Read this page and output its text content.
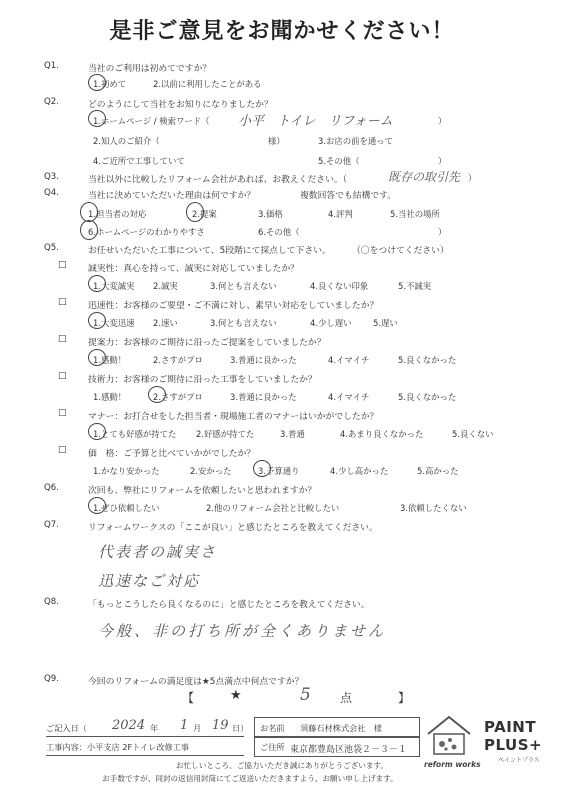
是非ご意見をお聞かせください！
Q1.	当社のご利用は初めてですか？
1.初めて	2.以前に利用したことがある
Q2.	どのようにして当社をお知りになりましたか？
1.ホームページ / 検索ワード（ 小平　トイレ　リフォーム	）
2.知人のご紹介（	様）	3.お店の前を通って
4.ご近所で工事していて	5.その他（	）
Q3.	当社以外に比較したリフォーム会社があれば、お教えください。（	既存の取引先 ）
Q4.	当社に決めていただいた理由は何ですか？	複数回答でも結構です。
1.担当者の対応	2.提案	3.価格	4.評判	5.当社の場所
6.ホームページのわかりやすさ	6.その他（	）
Q5.	お任せいただいた工事について、5段階にて採点して下さい。 （〇をつけてください）
□ 誠実性：真心を持って、誠実に対応していましたか？
1.大変誠実 2.誠実	3.何とも言えない	4.良くない印象	5.不誠実
□ 迅速性：お客様のご要望・ご不満に対し、素早い対応をしていましたか？
1.大変迅速 2.速い	3.何とも言えない	4.少し遅い	5.遅い
□ 提案力：お客様のご期待に沿ったご提案をしていましたか？
1.感動！	2.さすがプロ	3.普通に良かった	4.イマイチ	5.良くなかった
□ 技術力：お客様のご期待に沿った工事をしていましたか？
1.感動！	2.さすがプロ	3.普通に良かった	4.イマイチ	5.良くなかった
□ マナー：お打合せをした担当者・現場施工者のマナーはいかがでしたか？
1.とても好感が持てた 2.好感が持てた	3.普通	4.あまり良くなかった	5.良くない
□ 価　格：ご予算と比べていかがでしたか？
1.かなり安かった	2.安かった	3.予算通り	4.少し高かった	5.高かった
Q6.	次回も、弊社にリフォームを依頼したいと思われますか？
1.ぜひ依頼したい	2.他のリフォーム会社と比較したい	3.依頼したくない
Q7.	リフォームワークスの「ここが良い」と感じたところを教えてください。
代表者の誠実さ
迅速なご対応
Q8.	「もっとこうしたら良くなるのに」と感じたところを教えてください。
今般、非の打ち所が全くありません
Q9.	今回のリフォームの満足度は★5点満点中何点ですか？
【	★	5 点	】
ご記入日（ 2024 年 1 月 19 日）
工事内容：小平支店 2Fトイレ改修工事
お名前 須藤石材株式会社　様
ご住所 東京都豊島区池袋２－３－１
お忙しいところ、ご協力いただき誠にありがとうございます。
お手数ですが、同封の返信用封筒にてご返送いただきますよう、お願い申し上げます。
reform works
PAINT
PLUS+
ペイントプラス
